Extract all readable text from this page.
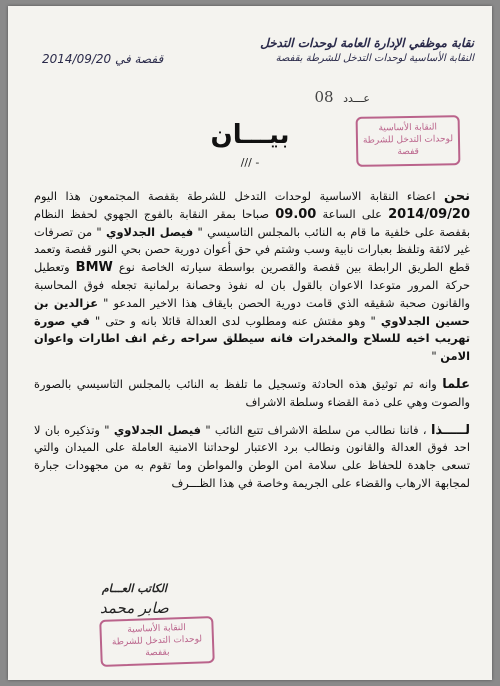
نقابة موظفي الإدارة العامة لوحدات التدخل
النقابة الأساسية لوحدات التدخل للشرطة بقفصة
قفصة في 2014/09/20
عـــدد 08
النقابة الأساسية
لوحدات التدخل للشرطة
قفصة
بيـــان
/// -

نحن اعضاء النقابة الاساسية لوحدات التدخل للشرطة بقفصة المجتمعون هذا اليوم 2014/09/20 على الساعة 09.00 صباحا بمقر النقابة بالفوج الجهوي لحفظ النظام بقفصة على خلفية ما قام به النائب بالمجلس التاسيسي " فيصل الجدلاوي " من تصرفات غير لائقة وتلفظ بعبارات نابية وسب وشتم في حق أعوان دورية حصن بحي النور قفصة وتعمد قطع الطريق الرابطة بين قفصة والقصرين بواسطة سيارته الخاصة نوع BMW وتعطيل حركة المرور متوعدا الاعوان بالقول بان له نفوذ وحصانة برلمانية تجعله فوق المحاسبة والقانون صحبة شقيقه الذي قامت دورية الحصن بايقاف هذا الاخير المدعو " عزالدين بن حسين الجدلاوي " وهو مفتش عنه ومطلوب لدى العدالة قائلا بانه و حتى " في صورة تهريب اخيه للسلاح والمخدرات فانه سيطلق سراحه رغم انف اطارات واعوان الامن "

علما وانه تم توثيق هذه الحادثة وتسجيل ما تلفظ به النائب بالمجلس التاسيسي بالصورة والصوت وهي على ذمة القضاء وسلطة الاشراف

لـــــذا ، فاننا نطالب من سلطة الاشراف تتبع النائب " فيصل الجدلاوي " وتذكيره بان لا احد فوق العدالة والقانون ونطالب برد الاعتبار لوحداتنا الامنية العاملة على الميدان والتي تسعى جاهدة للحفاظ على سلامة امن الوطن والمواطن وما تقوم به من مجهودات جبارة لمجابهة الارهاب والقضاء على الجريمة وخاصة في هذا الظـــرف

الكاتب العـــام
صابر محمد
النقابة الأساسية
لوحدات التدخل للشرطة
بقفصة
